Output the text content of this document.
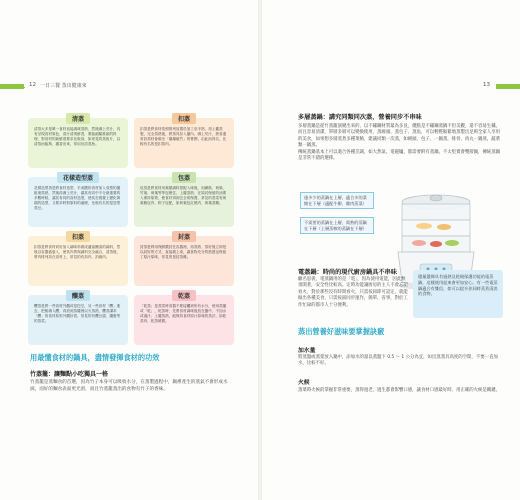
12 一日三餐 蒸出健康來	13
清蒸
清蒸大多是單一食材直接調味蒸熟，然後淋上芡汁，具有呈現食材原色、清汁清爽鮮香，要能細膩推敲的料理，對食材的新鮮度要求比較高，如常見的蒸魚片，以清蒸而能夠，濃香出來，常用於清蒸魚。
扣蒸
扣蒸是將食材依照排列放置於加工至半熟，再上籠蒸製，完全蒸熟後，將蒸具扣入盤內，淋上芡汁，熟食通常扣蒸材會做出「爆爆破竹」的膏腴，由此而得名，比較有名的是扣蒸肉。
花樣造型蒸
花樣造型蒸是將食材造型、半成體的食材加入成型的盤組裡蒸熟，然後再淋上芡汁，讓其有同中不分最重要的多數時候，讓其有同的食材造型，使其在視覺上變化萬端的造型，又要求時對原料的處理，比較有名的是造型蒸豆。
包蒸
包蒸是將食材用葉類調料搭配入味後，用網紙、荷葉、竹葉、荷葉等等包裹住，上籠蒸熟，在原封保留的油要入保持原質，使食材得到完全的保護，常見的蒸菜有荷葉飯包肉、粽子包配，如荷葉包紅燒肉、荷葉蒸雞。
扣蒸
扣蒸是將食材切好加入調味料做成適當醃清的調料，然後以容器盛裝入，使其肉質與調料完全融合，清蒸後，將肉排列扣在食材上，常見的有扣肉、扣豬肉。
封蒸
封蒸是利用保鮮膜封在容器裡，再蒸熟、蒸好後立即是以封好的方式，直接端上桌，讓食物充分的熟透也保留了原汁原味，常見的是封蒸雞。
釀蒸
釀蒸是將一些食材外觀或是挖空，另一些食材「釀」進去，把餡填入釀，再放到蒸籠裡以火蒸熟，釀蒸講求「釀」的食材原料外觀好看，常見的有釀豆腐、鑲蛋等的蒸菜。
乾蒸
「乾蒸」是蒸菜時食器不要接觸到所有水分，使用蒸盤或「乾」，乾蒸時，先將食材調味後放在盤中，不加水或湯汁，上籠蒸熟，能保持食材原汁原味的蒸法，如乾蒸肉、乾蒸燒賣。
用最懂食材的鍋具，盡情發揮食材的功效
竹蒸籠：讓麵點小吃獨具一格
竹蒸籠是蒸麵食的首選，因為竹子本身可以吸收水分，在蒸製過程中，鍋裡產生的蒸氣不會形成水滴，而好的麵食表面更光滑，而且竹蒸籠蒸出的食物有竹子的香味。
多層蒸鍋：講究同類同次蒸，營養同步不串味
多層蒸鍋是從竹蒸籠演變出來的，以不鏽鋼材質最為多見，優點是不鏽鋼蒸鍋不但美觀，還不容易生鏽，而且容易清潔，單層多層可以變換使用，蒸饅頭、蒸包子、蒸魚，可以輕輕鬆鬆地蒸製出足夠全家人享用的美食，如果想多層蒸煮多種菜餚，建議同類一次蒸，如饅頭、包子、一鍋蒸，排骨、肉丸一鍋蒸，蔬菜類一鍋蒸。
傳統蒸鍋基本上可以適合各種烹調，如大然氣、電磁爐，都需要附有蒸鍋。不太堅實會雙層鍋，傳統蒸鍋是非常不錯的選擇。
逢多少的蒸鍋在上層，適合多的菜餚在下層（適配牛柳、雞肉蒸菜）
不需要的蒸鍋在上層，需熟的蒸鍋在下層（上層蒸軟的蒸鍋在下層）
電蒸鍋：時尚的現代廚房鍋具不串味
顧名思義，電蒸鍋用的是「電」，因為使用電能，因此無須開著，安全性比較高。定時功能讓廚房的主人不會忘記看火，對於那些沒有時間看火，只需按鈕即可設定，就能做出各種美食，只需按鈕同步運作，簡單、省事，對於工作忙碌的都市人十分便利。
儘量選擇具有過熱及乾燒保護功能的電蒸鍋，這樣使用起來會更加安心。有一些電蒸鍋適合有雙倍，如可以提升你同時蒸煮清淡的食物。
蒸出營養好滋味要掌握訣竅
加水量
將蒸盤或蒸架放入鍋中，添加水的量以蒸盤下 0.5 ～ 1 公分為宜，如出蒸蒸具高度的空間，不要一直加水，比較不好。
火候
蒸菜時火候的掌握非常重要，蒸得過老，過生都會影響口感，讓食材口感最好時，用正確的火候是關鍵。
